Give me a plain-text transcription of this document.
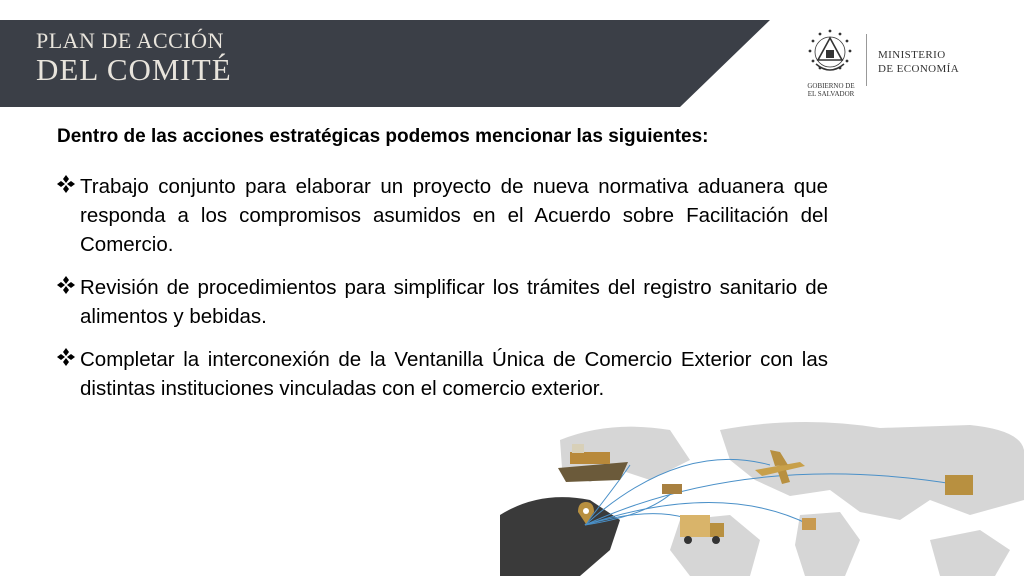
PLAN DE ACCIÓN
DEL COMITÉ	GOBIERNO DE
EL SALVADOR
MINISTERIO
DE ECONOMÍA
Dentro de las acciones estratégicas podemos mencionar las siguientes:
Trabajo conjunto para elaborar un proyecto de nueva normativa aduanera que responda a los compromisos asumidos en el Acuerdo sobre Facilitación del Comercio.
Revisión de procedimientos para simplificar los trámites del registro sanitario de alimentos y bebidas.
Completar la interconexión de la Ventanilla Única de Comercio Exterior con las distintas instituciones vinculadas con el comercio exterior.
